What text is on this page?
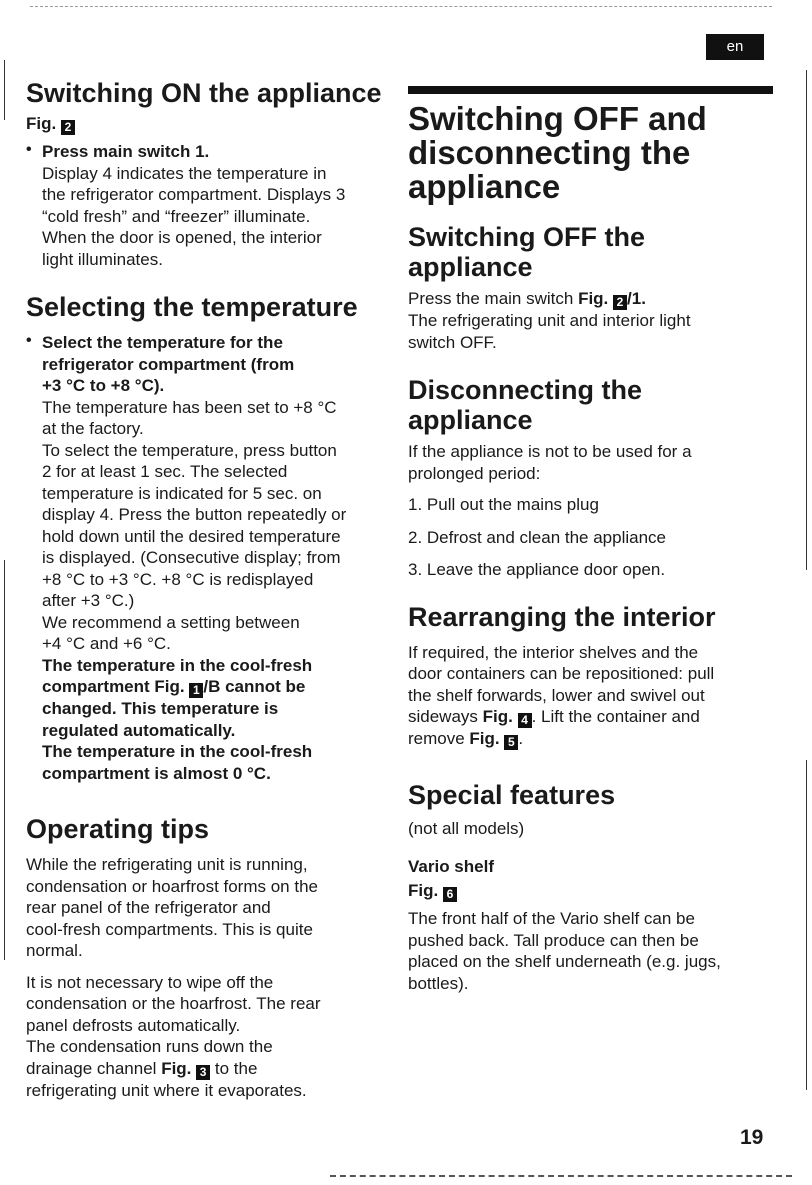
en
Switching ON the appliance
Fig. 2
• Press main switch 1.

Display 4 indicates the temperature in

the refrigerator compartment. Displays 3

“cold fresh” and “freezer” illuminate.

When the door is opened, the interior

light illuminates.

Selecting the temperature
• Select the temperature for the

refrigerator compartment (from

+3 °C to +8 °C).

The temperature has been set to +8 °C

at the factory.

To select the temperature, press button

2 for at least 1 sec. The selected

temperature is indicated for 5 sec. on

display 4. Press the button repeatedly or

hold down until the desired temperature

is displayed. (Consecutive display; from

+8 °C to +3 °C. +8 °C is redisplayed

after +3 °C.)

We recommend a setting between

+4 °C and +6 °C.

The temperature in the cool-fresh

compartment Fig. 1 /B cannot be

changed. This temperature is

regulated automatically.

The temperature in the cool-fresh

compartment is almost 0 °C.

Operating tips

While the refrigerating unit is running,

condensation or hoarfrost forms on the

rear panel of the refrigerator and

cool-fresh compartments. This is quite

normal.

It is not necessary to wipe off the

condensation or the hoarfrost. The rear

panel defrosts automatically.

The condensation runs down the

drainage channel Fig. 3 to the

refrigerating unit where it evaporates.

Switching OFF and
disconnecting the
appliance
Switching OFF the
appliance

Press the main switch Fig. 2 /1.

The refrigerating unit and interior light

switch OFF.

Disconnecting the
appliance

If the appliance is not to be used for a

prolonged period:

1. Pull out the mains plug
2. Defrost and clean the appliance
3. Leave the appliance door open.
Rearranging the interior

If required, the interior shelves and the

door containers can be repositioned: pull

the shelf forwards, lower and swivel out

sideways Fig. 4 . Lift the container and

remove Fig. 5 .

Special features

(not all models)

Vario shelf

Fig. 6

The front half of the Vario shelf can be

pushed back. Tall produce can then be

placed on the shelf underneath (e.g. jugs,

bottles).

19
